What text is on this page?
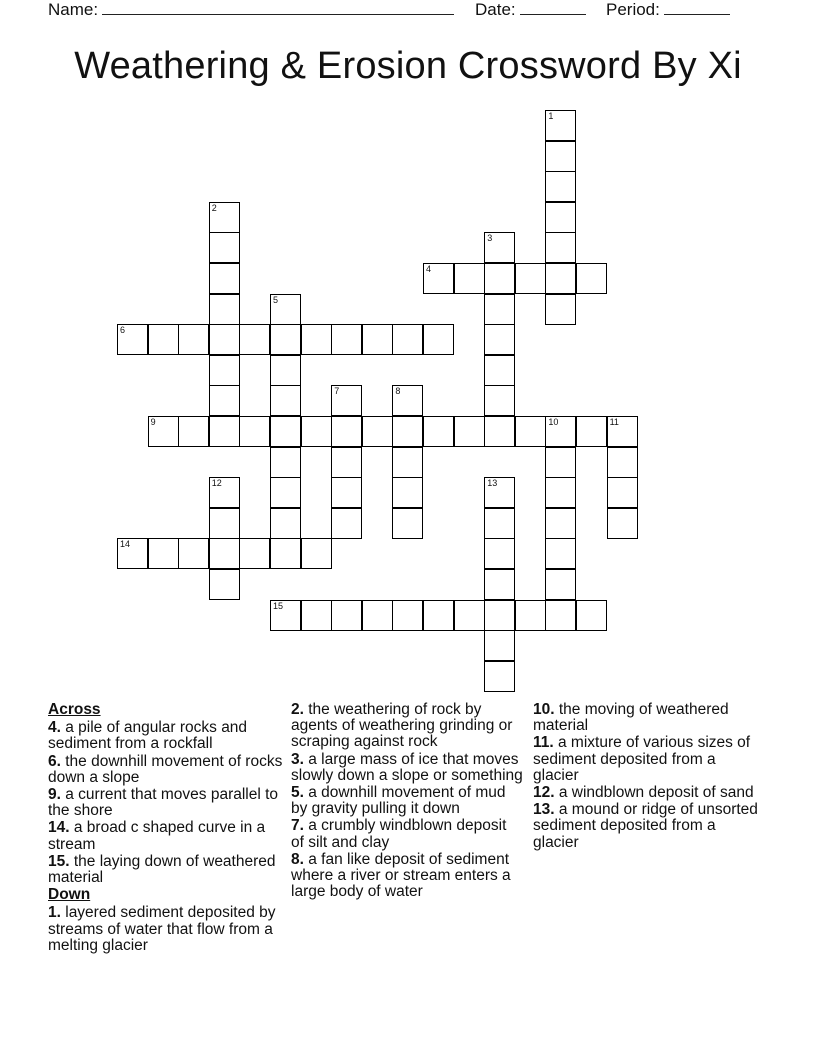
Name:	Date:	Period:
Weathering & Erosion Crossword By Xi
1
2
3
4
5
6
7	8
9	10	11
12	13
14
15
Across
4. a pile of angular rocks and sediment from a rockfall
6. the downhill movement of rocks down a slope
9. a current that moves parallel to the shore
14. a broad c shaped curve in a stream
15. the laying down of weathered material
Down
1. layered sediment deposited by streams of water that flow from a melting glacier
2. the weathering of rock by agents of weathering grinding or scraping against rock
3. a large mass of ice that moves slowly down a slope or something
5. a downhill movement of mud by gravity pulling it down
7. a crumbly windblown deposit of silt and clay
8. a fan like deposit of sediment where a river or stream enters a large body of water
10. the moving of weathered material
11. a mixture of various sizes of sediment deposited from a glacier
12. a windblown deposit of sand
13. a mound or ridge of unsorted sediment deposited from a glacier
